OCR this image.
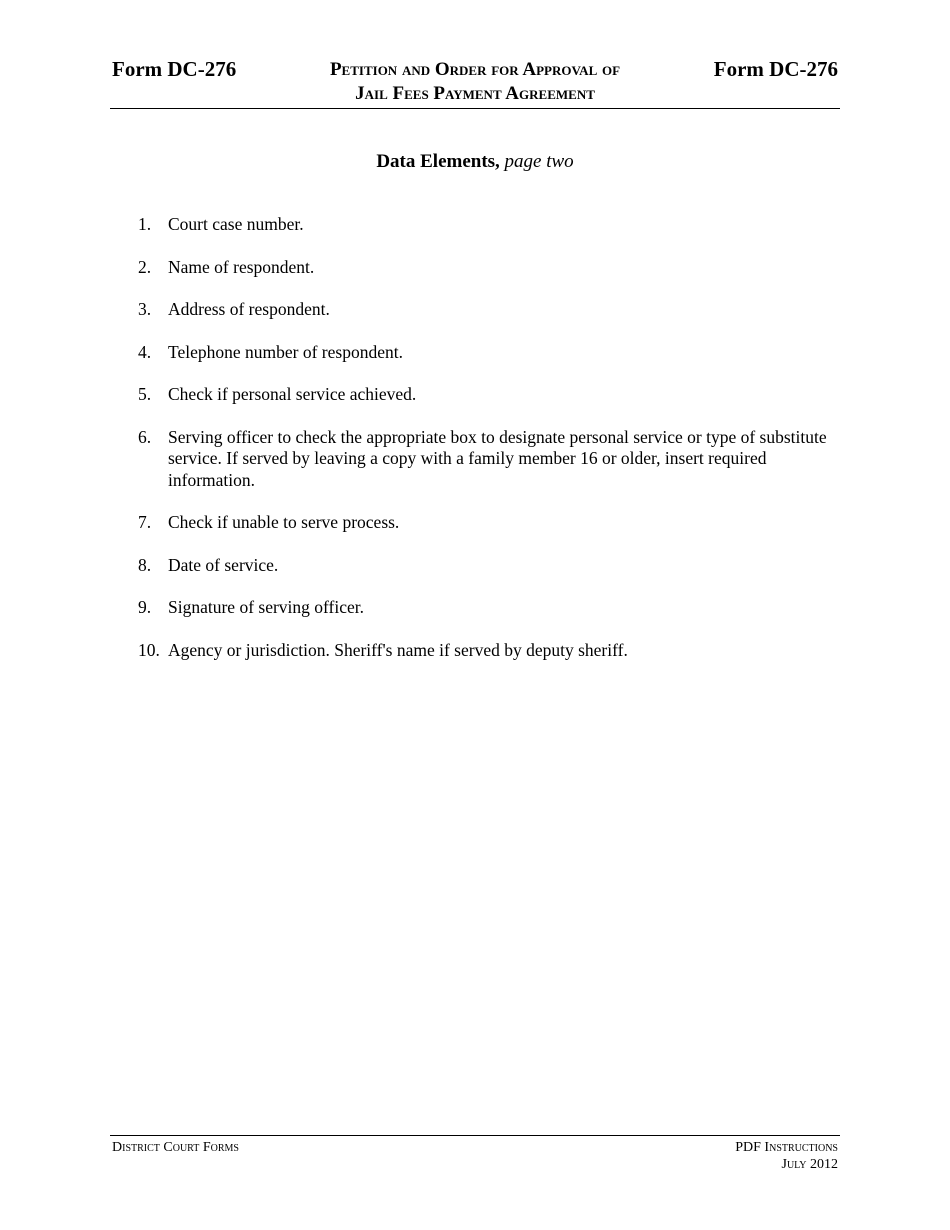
Form DC-276	Petition and Order for Approval of
Jail Fees Payment Agreement
Form DC-276
Data Elements, page two
1. Court case number.
2. Name of respondent.
3. Address of respondent.
4. Telephone number of respondent.
5. Check if personal service achieved.
6. Serving officer to check the appropriate box to designate personal service or type of substitute service. If served by leaving a copy with a family member 16 or older, insert required information.
7. Check if unable to serve process.
8. Date of service.
9. Signature of serving officer.
10. Agency or jurisdiction. Sheriff's name if served by deputy sheriff.
District Court Forms	PDF Instructions
July 2012
